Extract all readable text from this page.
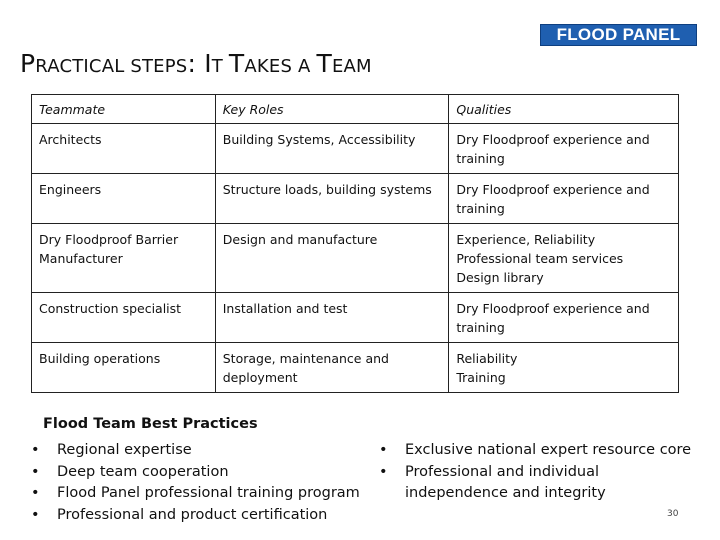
FLOOD PANEL
PRACTICAL STEPS: IT TAKES A TEAM
Teammate	Key Roles	Qualities
Architects	Building Systems, Accessibility	Dry Floodproof experience and training

Engineers	Structure loads, building systems	Dry Floodproof experience and training

Dry Floodproof Barrier Manufacturer	Design and manufacture	Experience, Reliability
Professional team services
Design library

Construction specialist	Installation and test	Dry Floodproof experience and training

Building operations	Storage, maintenance and deployment	Reliability
Training
Flood Team Best Practices
• Regional expertise
• Deep team cooperation
• Flood Panel professional training program
• Professional and product certification
• Exclusive national expert resource core
• Professional and individual
independence and integrity
30
